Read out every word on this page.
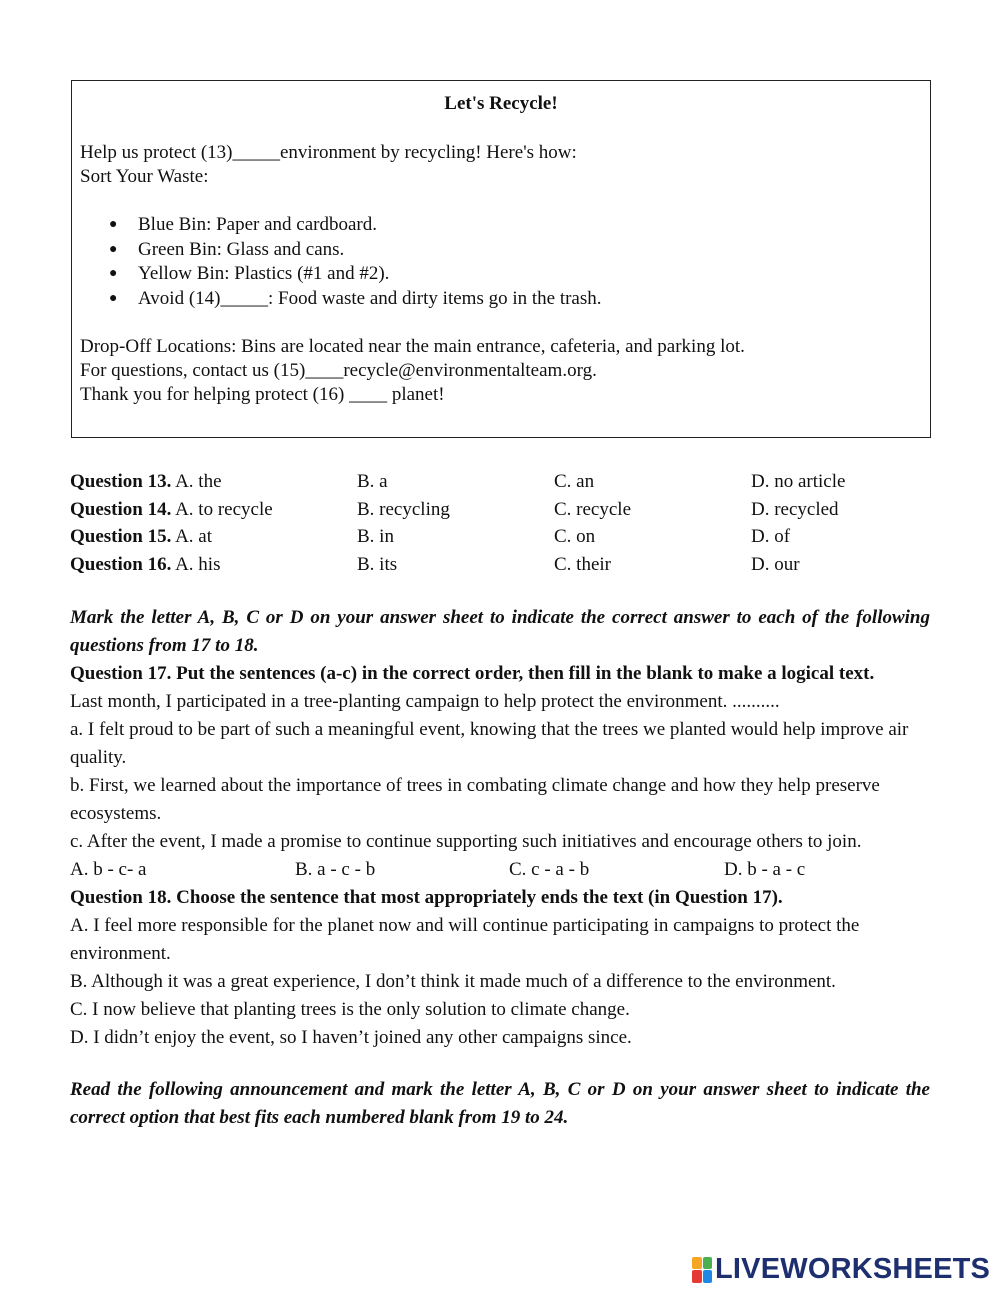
Let's Recycle!

Help us protect (13)_____environment by recycling! Here's how:

Sort Your Waste:

● Blue Bin: Paper and cardboard.
● Green Bin: Glass and cans.
● Yellow Bin: Plastics (#1 and #2).
● Avoid (14)_____: Food waste and dirty items go in the trash.

Drop-Off Locations: Bins are located near the main entrance, cafeteria, and parking lot.

For questions, contact us (15)____recycle@environmentalteam.org.

Thank you for helping protect (16) ____ planet!

Question 13. A. the	B. a	C. an	D. no article
Question 14. A. to recycle	B. recycling	C. recycle	D. recycled
Question 15. A. at	B. in	C. on	D. of
Question 16. A. his	B. its	C. their	D. our

Mark the letter A, B, C or D on your answer sheet to indicate the correct answer to each of the following questions from 17 to 18.

Question 17. Put the sentences (a-c) in the correct order, then fill in the blank to make a logical text.

Last month, I participated in a tree-planting campaign to help protect the environment. ..........

a. I felt proud to be part of such a meaningful event, knowing that the trees we planted would help improve air quality.

b. First, we learned about the importance of trees in combating climate change and how they help preserve ecosystems.

c. After the event, I made a promise to continue supporting such initiatives and encourage others to join.

A. b - c- a	B. a - c - b	C. c - a - b	D. b - a - c

Question 18. Choose the sentence that most appropriately ends the text (in Question 17).

A. I feel more responsible for the planet now and will continue participating in campaigns to protect the environment.

B. Although it was a great experience, I don’t think it made much of a difference to the environment.

C. I now believe that planting trees is the only solution to climate change.

D. I didn’t enjoy the event, so I haven’t joined any other campaigns since.

Read the following announcement and mark the letter A, B, C or D on your answer sheet to indicate the correct option that best fits each numbered blank from 19 to 24.

LIVEWORKSHEETS
